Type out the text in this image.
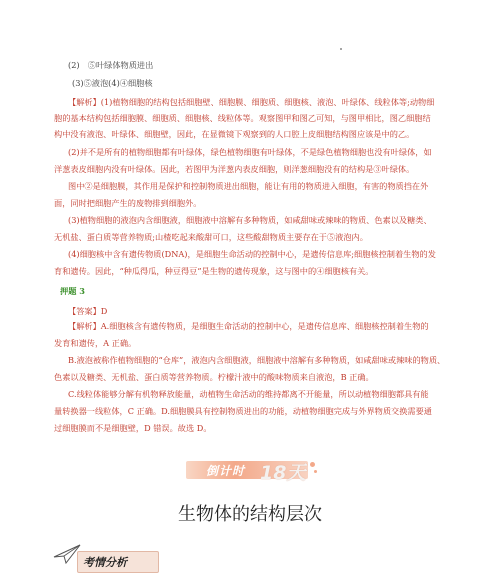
(2)　⑤叶绿体物质进出
(3)⑤液泡(4)④细胞核
【解析】(1)植物细胞的结构包括细胞壁、细胞膜、细胞质、细胞核、液泡、叶绿体、线粒体等;动物细
胞的基本结构包括细胞膜、细胞质、细胞核、线粒体等。观察图甲和图乙可知，与图甲相比，图乙细胞结
构中没有液泡、叶绿体、细胞壁，因此，在显微镜下观察到的人口腔上皮细胞结构图应该是中的乙。
(2)并不是所有的植物细胞都有叶绿体，绿色植物细胞有叶绿体，不是绿色植物细胞也没有叶绿体，如
洋葱表皮细胞内没有叶绿体。因此，若图甲为洋葱内表皮细胞，则洋葱细胞没有的结构是③叶绿体。
图中②是细胞膜，其作用是保护和控制物质进出细胞，能让有用的物质进入细胞，有害的物质挡在外
面，同时把细胞产生的废物排到细胞外。
(3)植物细胞的液泡内含细胞液，细胞液中溶解有多种物质，如咸甜味或辣味的物质、色素以及糖类、
无机盐、蛋白质等营养物质;山楂吃起来酸甜可口，这些酸甜物质主要存在于⑤液泡内。
(4)细胞核中含有遗传物质(DNA)，是细胞生命活动的控制中心，是遗传信息库;细胞核控制着生物的发
育和遗传。因此，“种瓜得瓜，种豆得豆”是生物的遗传现象，这与图中的④细胞核有关。
押题 3
【答案】D
【解析】A.细胞核含有遗传物质，是细胞生命活动的控制中心，是遗传信息库、细胞核控制着生物的
发育和遗传，A 正确。
B.液泡被称作植物细胞的“仓库”，液泡内含细胞液，细胞液中溶解有多种物质，如咸甜味或辣味的物质、
色素以及糖类、无机盐、蛋白质等营养物质。柠檬汁液中的酸味物质来自液泡，B 正确。
C.线粒体能够分解有机物释放能量，动植物生命活动的维持都离不开能量，所以动植物细胞都具有能
量转换器一线粒体，C 正确。D.细胞膜具有控制物质进出的功能，动植物细胞完成与外界物质交换需要通
过细胞膜而不是细胞壁，D 错误。故选 D。
倒计时 18天
生物体的结构层次
考情分析
